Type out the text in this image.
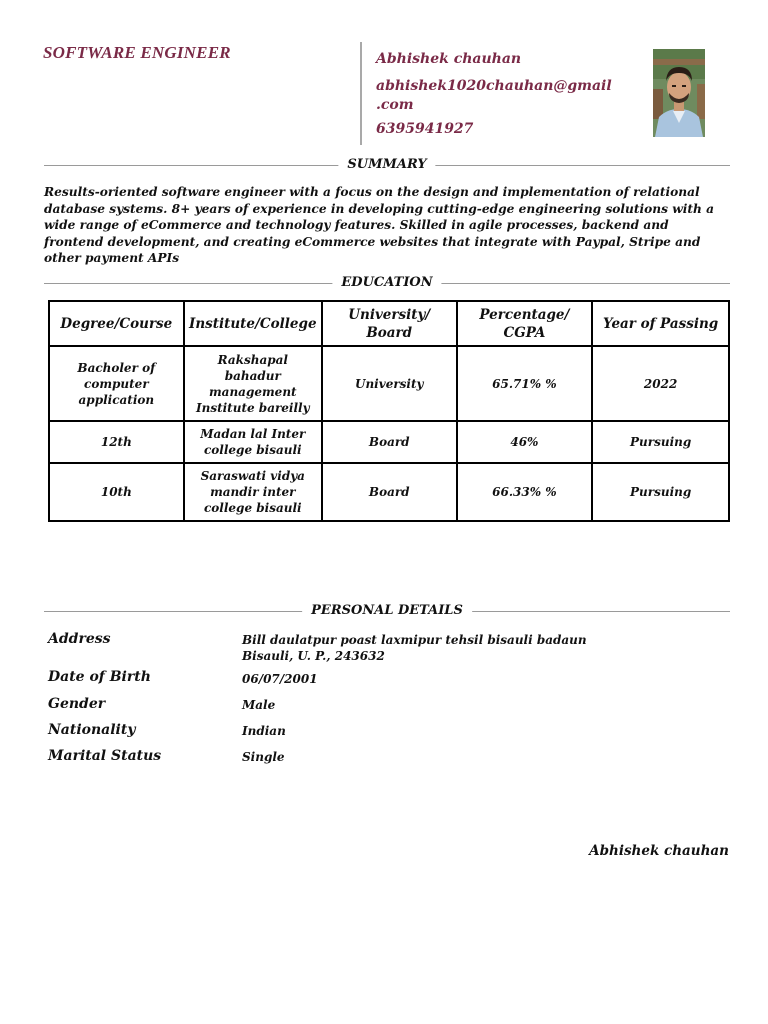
SOFTWARE ENGINEER	Abhishek chauhan
abhishek1020chauhan@gmail
.com
6395941927
SUMMARY
Results-oriented software engineer with a focus on the design and implementation of relational database systems. 8+ years of experience in developing cutting-edge engineering solutions with a wide range of eCommerce and technology features. Skilled in agile processes, backend and frontend development, and creating eCommerce websites that integrate with Paypal, Stripe and other payment APIs
EDUCATION
Degree/Course	Institute/College	University/ Board	Percentage/ CGPA	Year of Passing
Bacholer of computer application	Rakshapal bahadur management Institute bareilly	University	65.71% %	2022
12th	Madan lal Inter college bisauli	Board	46%	Pursuing
10th	Saraswati vidya mandir inter college bisauli	Board	66.33% %	Pursuing
PERSONAL DETAILS
Address	Bill daulatpur poast laxmipur tehsil bisauli badaun
Bisauli, U. P., 243632
Date of Birth	06/07/2001
Gender	Male
Nationality	Indian
Marital Status	Single
Abhishek chauhan
